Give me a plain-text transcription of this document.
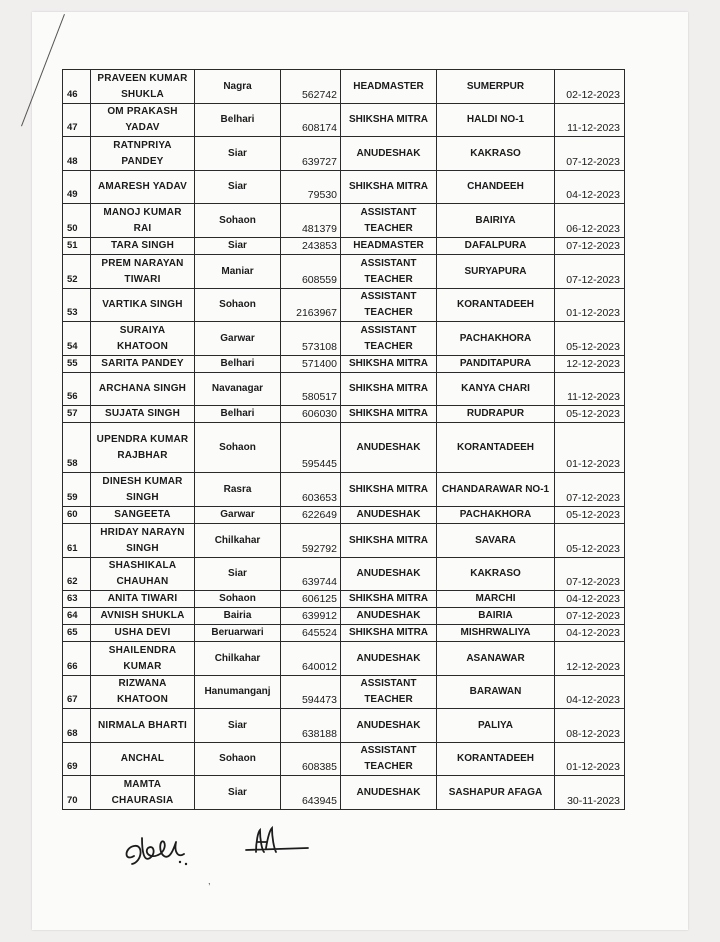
46	PRAVEEN KUMAR SHUKLA	Nagra	562742	HEADMASTER	SUMERPUR	02-12-2023
47	OM PRAKASH YADAV	Belhari	608174	SHIKSHA MITRA	HALDI NO-1	11-12-2023
48	RATNPRIYA PANDEY	Siar	639727	ANUDESHAK	KAKRASO	07-12-2023
49	AMARESH YADAV	Siar	79530	SHIKSHA MITRA	CHANDEEH	04-12-2023
50	MANOJ KUMAR RAI	Sohaon	481379	ASSISTANT TEACHER	BAIRIYA	06-12-2023
51	TARA SINGH	Siar	243853	HEADMASTER	DAFALPURA	07-12-2023
52	PREM NARAYAN TIWARI	Maniar	608559	ASSISTANT TEACHER	SURYAPURA	07-12-2023
53	VARTIKA SINGH	Sohaon	2163967	ASSISTANT TEACHER	KORANTADEEH	01-12-2023
54	SURAIYA KHATOON	Garwar	573108	ASSISTANT TEACHER	PACHAKHORA	05-12-2023
55	SARITA PANDEY	Belhari	571400	SHIKSHA MITRA	PANDITAPURA	12-12-2023
56	ARCHANA SINGH	Navanagar	580517	SHIKSHA MITRA	KANYA CHARI	11-12-2023
57	SUJATA SINGH	Belhari	606030	SHIKSHA MITRA	RUDRAPUR	05-12-2023
58	UPENDRA KUMAR RAJBHAR	Sohaon	595445	ANUDESHAK	KORANTADEEH	01-12-2023
59	DINESH KUMAR SINGH	Rasra	603653	SHIKSHA MITRA	CHANDARAWAR NO-1	07-12-2023
60	SANGEETA	Garwar	622649	ANUDESHAK	PACHAKHORA	05-12-2023
61	HRIDAY NARAYN SINGH	Chilkahar	592792	SHIKSHA MITRA	SAVARA	05-12-2023
62	SHASHIKALA CHAUHAN	Siar	639744	ANUDESHAK	KAKRASO	07-12-2023
63	ANITA TIWARI	Sohaon	606125	SHIKSHA MITRA	MARCHI	04-12-2023
64	AVNISH SHUKLA	Bairia	639912	ANUDESHAK	BAIRIA	07-12-2023
65	USHA DEVI	Beruarwari	645524	SHIKSHA MITRA	MISHRWALIYA	04-12-2023
66	SHAILENDRA KUMAR	Chilkahar	640012	ANUDESHAK	ASANAWAR	12-12-2023
67	RIZWANA KHATOON	Hanumanganj	594473	ASSISTANT TEACHER	BARAWAN	04-12-2023
68	NIRMALA BHARTI	Siar	638188	ANUDESHAK	PALIYA	08-12-2023
69	ANCHAL	Sohaon	608385	ASSISTANT TEACHER	KORANTADEEH	01-12-2023
70	MAMTA CHAURASIA	Siar	643945	ANUDESHAK	SASHAPUR AFAGA	30-11-2023
,
